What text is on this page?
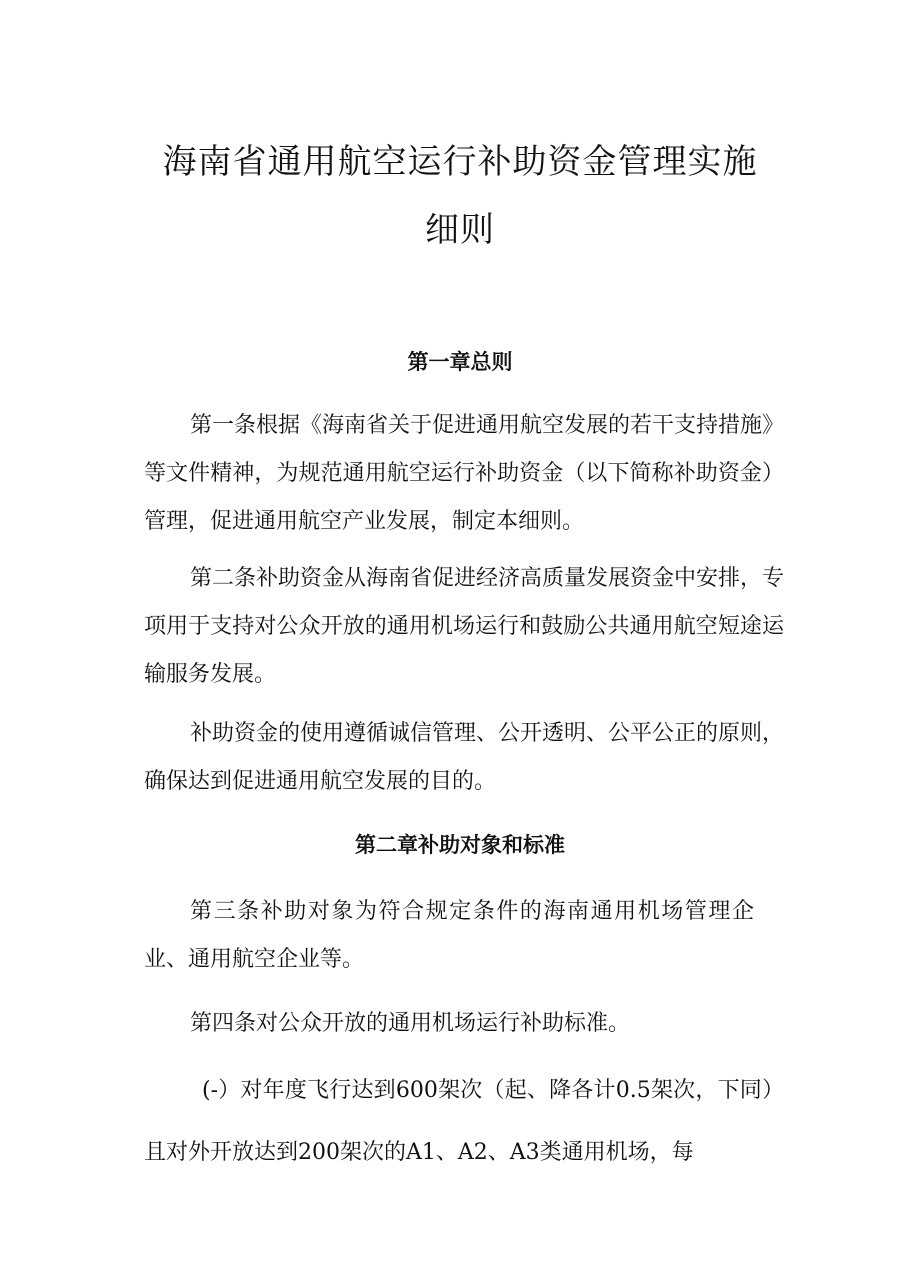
海南省通用航空运行补助资金管理实施
细则
第一章总则

第一条根据《海南省关于促进通用航空发展的若干支持措施》等文件精神，为规范通用航空运行补助资金（以下简称补助资金）管理，促进通用航空产业发展，制定本细则。

第二条补助资金从海南省促进经济高质量发展资金中安排，专项用于支持对公众开放的通用机场运行和鼓励公共通用航空短途运输服务发展。

补助资金的使用遵循诚信管理、公开透明、公平公正的原则，确保达到促进通用航空发展的目的。

第二章补助对象和标准

第三条补助对象为符合规定条件的海南通用机场管理企业、通用航空企业等。

第四条对公众开放的通用机场运行补助标准。

(-）对年度飞行达到600架次（起、降各计0.5架次，下同）且对外开放达到200架次的A1、A2、A3类通用机场，每
